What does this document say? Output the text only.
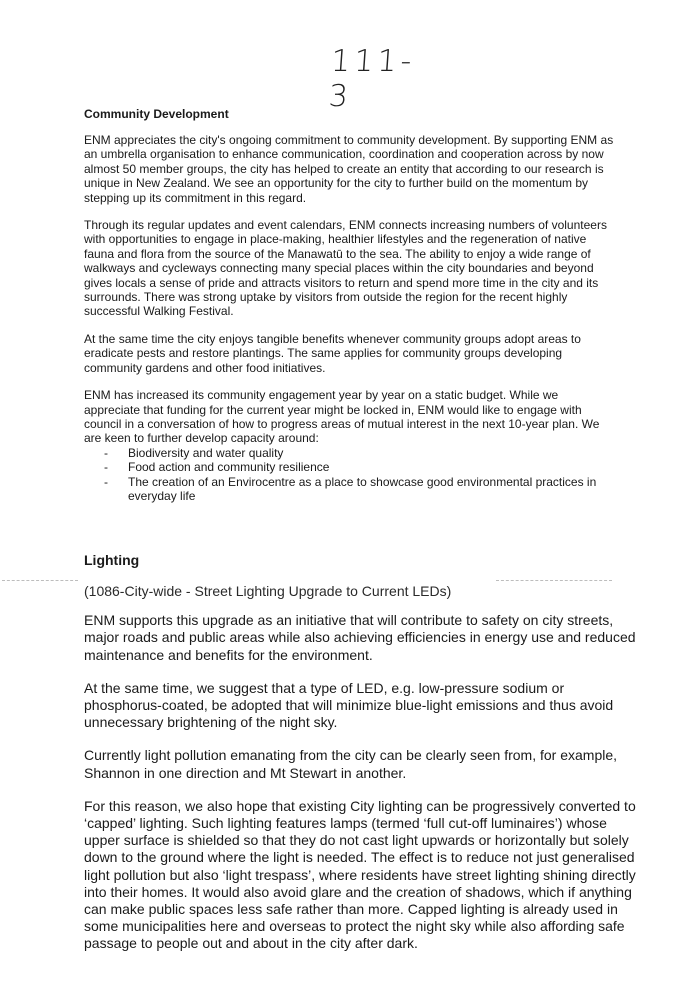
111-3
Community Development

ENM appreciates the city's ongoing commitment to community development. By supporting ENM as an umbrella organisation to enhance communication, coordination and cooperation across by now almost 50 member groups, the city has helped to create an entity that according to our research is unique in New Zealand. We see an opportunity for the city to further build on the momentum by stepping up its commitment in this regard.

Through its regular updates and event calendars, ENM connects increasing numbers of volunteers with opportunities to engage in place-making, healthier lifestyles and the regeneration of native fauna and flora from the source of the Manawatū to the sea. The ability to enjoy a wide range of walkways and cycleways connecting many special places within the city boundaries and beyond gives locals a sense of pride and attracts visitors to return and spend more time in the city and its surrounds. There was strong uptake by visitors from outside the region for the recent highly successful Walking Festival.

At the same time the city enjoys tangible benefits whenever community groups adopt areas to eradicate pests and restore plantings. The same applies for community groups developing community gardens and other food initiatives.

ENM has increased its community engagement year by year on a static budget. While we appreciate that funding for the current year might be locked in, ENM would like to engage with council in a conversation of how to progress areas of mutual interest in the next 10-year plan. We are keen to further develop capacity around:

- Biodiversity and water quality
- Food action and community resilience
- The creation of an Envirocentre as a place to showcase good environmental practices in everyday life
Lighting

(1086-City-wide - Street Lighting Upgrade to Current LEDs)

ENM supports this upgrade as an initiative that will contribute to safety on city streets, major roads and public areas while also achieving efficiencies in energy use and reduced maintenance and benefits for the environment.

At the same time, we suggest that a type of LED, e.g. low-pressure sodium or phosphorus-coated, be adopted that will minimize blue-light emissions and thus avoid unnecessary brightening of the night sky.

Currently light pollution emanating from the city can be clearly seen from, for example, Shannon in one direction and Mt Stewart in another.

For this reason, we also hope that existing City lighting can be progressively converted to ‘capped’ lighting. Such lighting features lamps (termed ‘full cut-off luminaires’) whose upper surface is shielded so that they do not cast light upwards or horizontally but solely down to the ground where the light is needed. The effect is to reduce not just generalised light pollution but also ‘light trespass’, where residents have street lighting shining directly into their homes. It would also avoid glare and the creation of shadows, which if anything can make public spaces less safe rather than more. Capped lighting is already used in some municipalities here and overseas to protect the night sky while also affording safe passage to people out and about in the city after dark.
